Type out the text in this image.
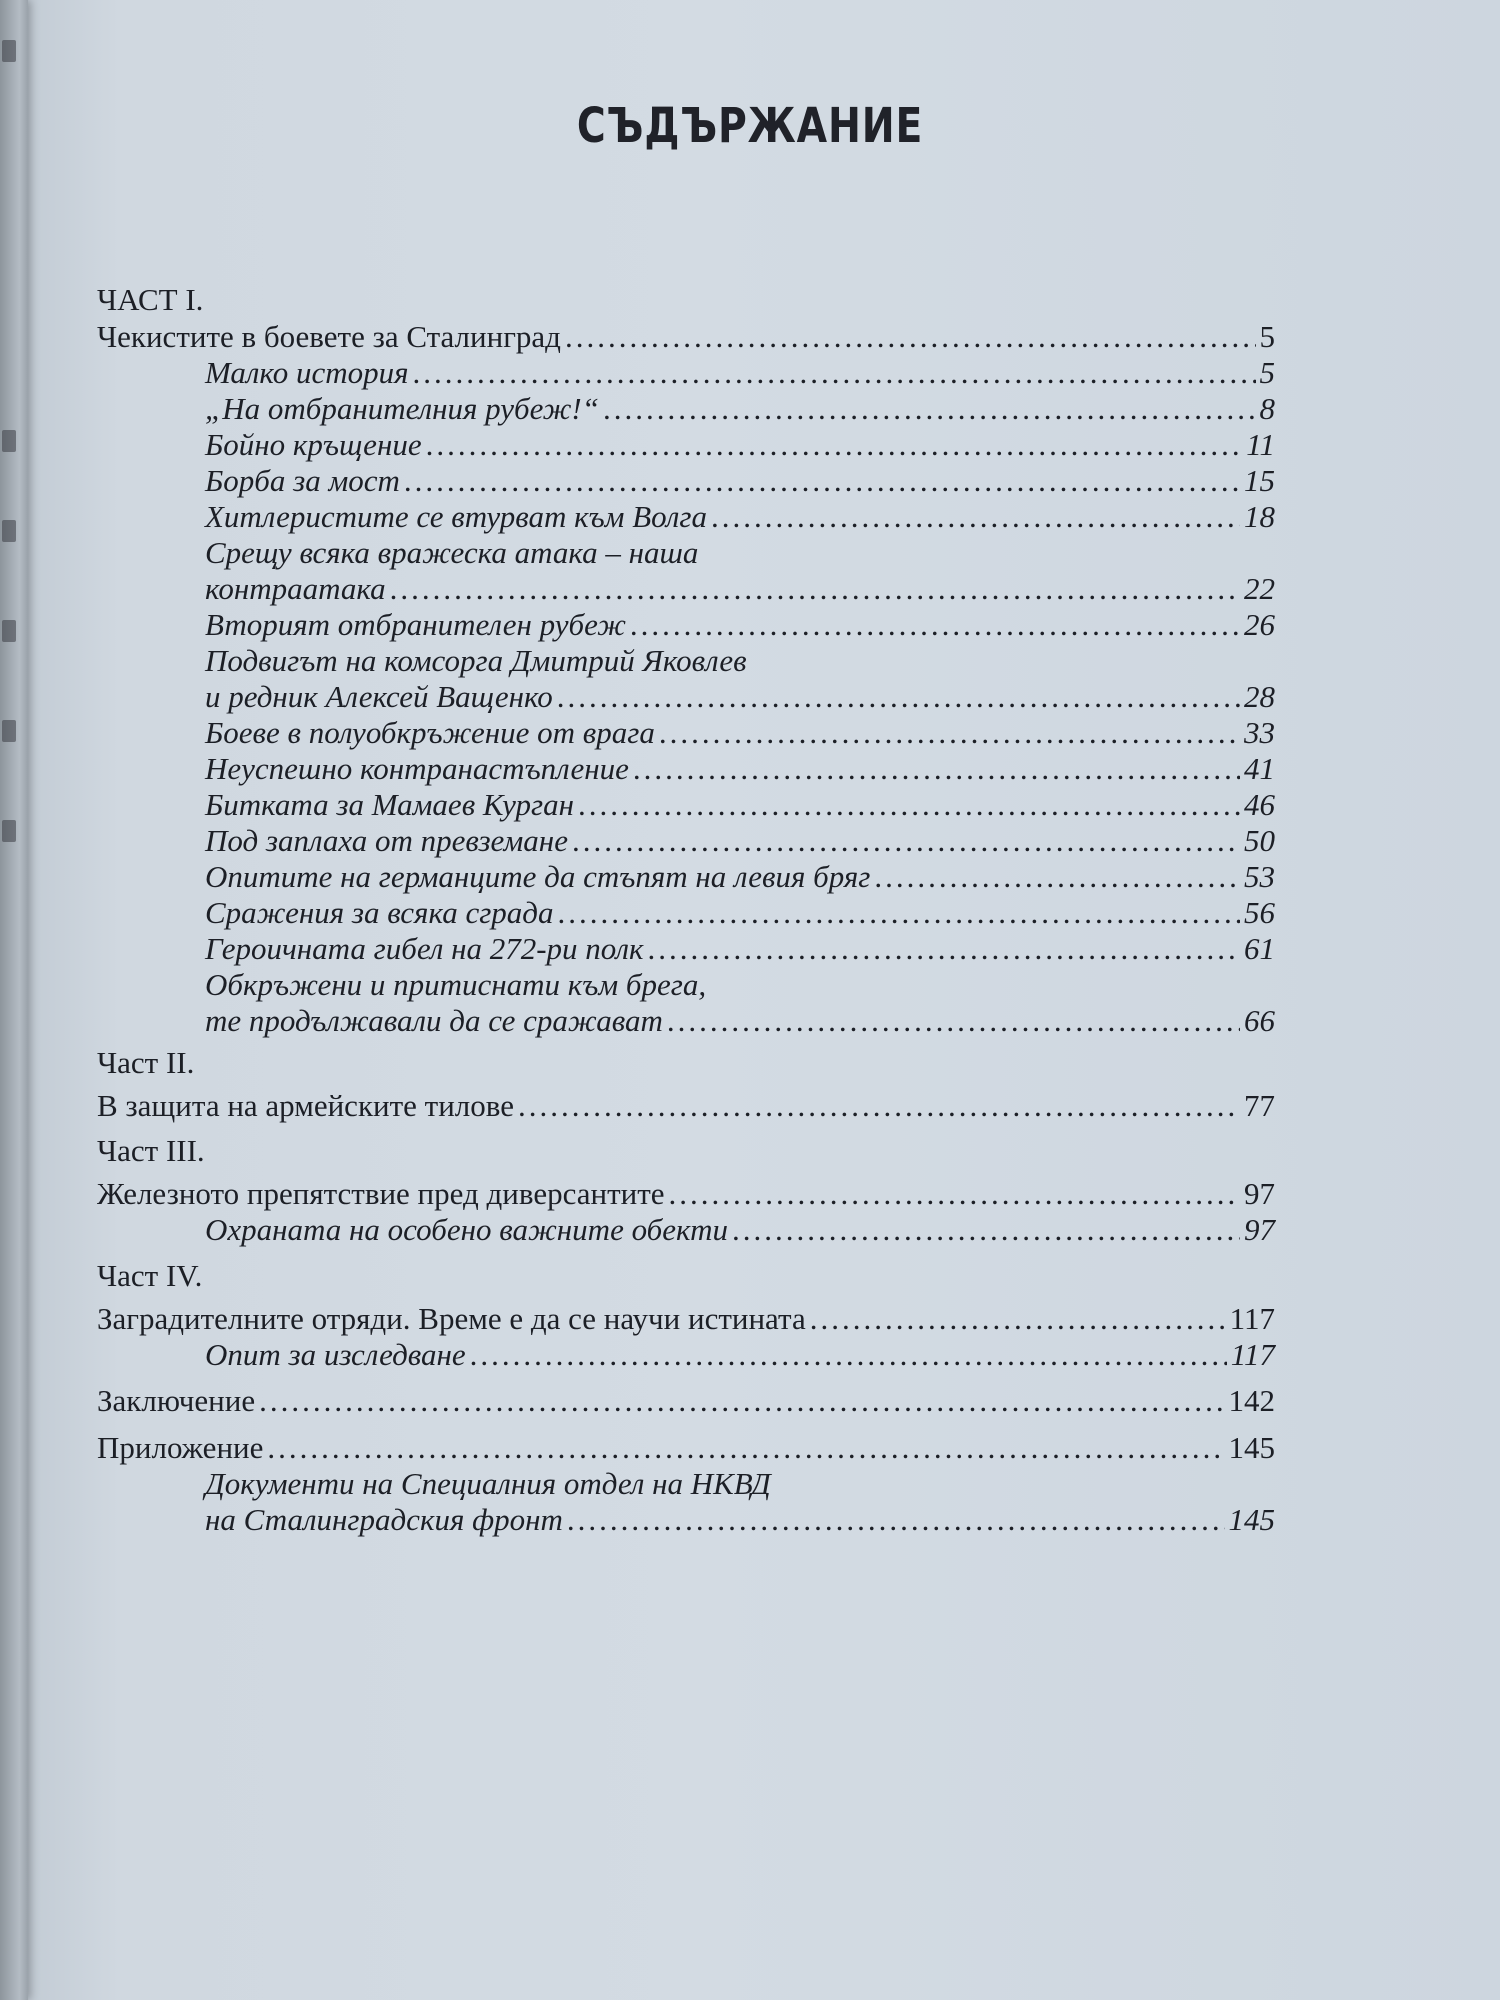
СЪДЪРЖАНИЕ
ЧАСТ I.
Чекистите в боевете за Сталинград .....	5
Малко история .....	5
„На отбранителния рубеж!“ .....	8
Бойно кръщение .....	11
Борба за мост .....	15
Хитлеристите се втурват към Волга .....	18
Срещу всяка вражеска атака – наша
контраатака .....	22
Вторият отбранителен рубеж .....	26
Подвигът на комсорга Дмитрий Яковлев
и редник Алексей Ващенко .....	28
Боеве в полуобкръжение от врага .....	33
Неуспешно контранастъпление .....	41
Битката за Мамаев Курган .....	46
Под заплаха от превземане .....	50
Опитите на германците да стъпят на левия бряг .....	53
Сражения за всяка сграда .....	56
Героичната гибел на 272-ри полк .....	61
Обкръжени и притиснати към брега,
те продължавали да се сражават .....	66
Част II.
В защита на армейските тилове .....	77
Част III.
Железното препятствие пред диверсантите .....	97
Охраната на особено важните обекти .....	97
Част IV.
Заградителните отряди. Време е да се научи истината .....	117
Опит за изследване .....	117
Заключение .....	142
Приложение .....	145
Документи на Специалния отдел на НКВД
на Сталинградския фронт .....	145
